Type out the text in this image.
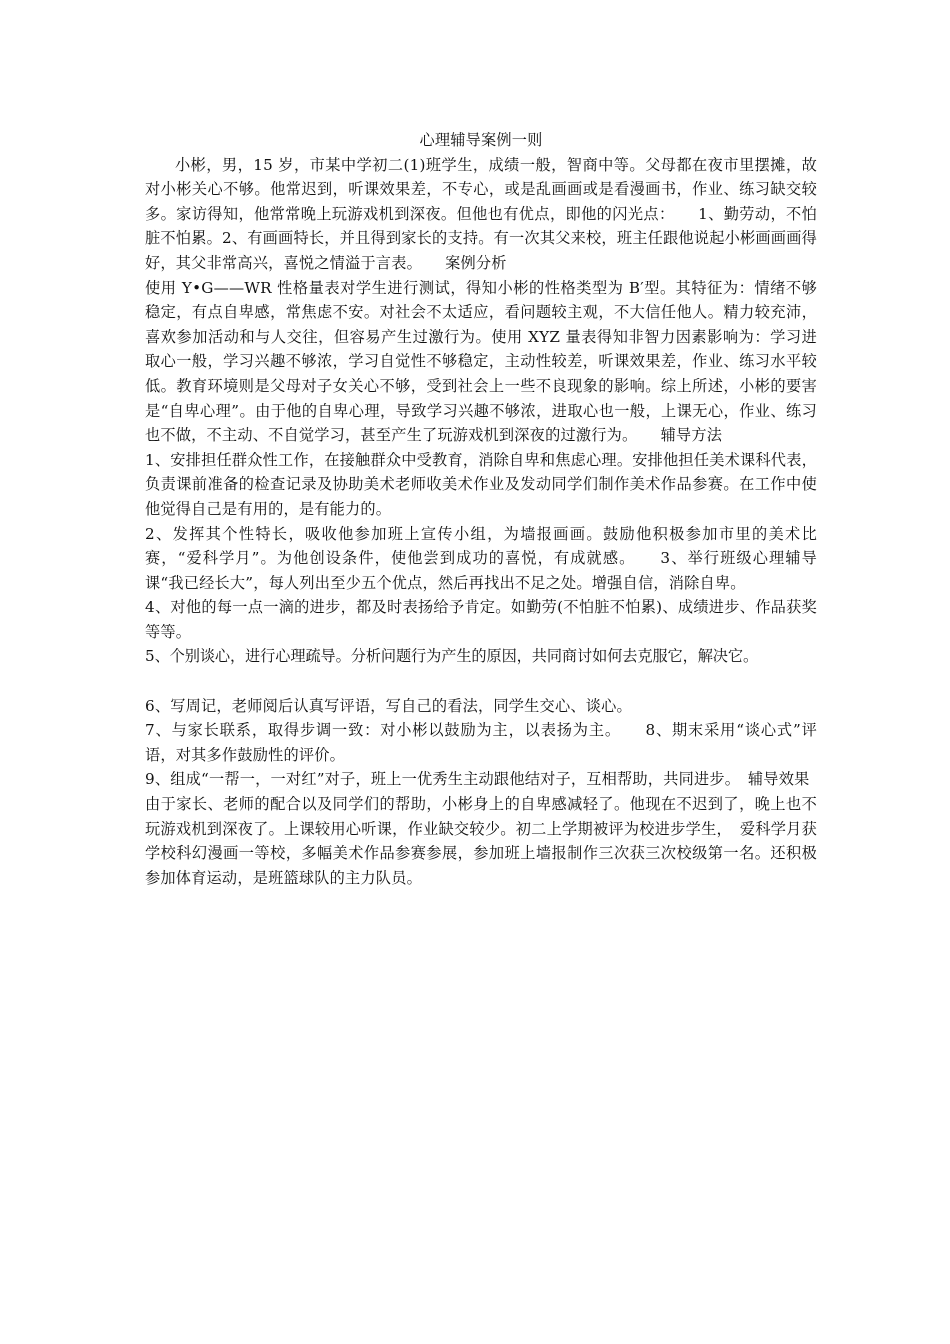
心理辅导案例一则

小彬，男，15 岁，市某中学初二(1)班学生，成绩一般，智商中等。父母都在夜市里摆摊，故对小彬关心不够。他常迟到，听课效果差，不专心，或是乱画画或是看漫画书，作业、练习缺交较多。家访得知，他常常晚上玩游戏机到深夜。但他也有优点，即他的闪光点：　　1、勤劳动，不怕脏不怕累。2、有画画特长，并且得到家长的支持。有一次其父来校，班主任跟他说起小彬画画画得好，其父非常高兴，喜悦之情溢于言表。　　案例分析

使用 Y•G——WR 性格量表对学生进行测试，得知小彬的性格类型为 B′型。其特征为：情绪不够稳定，有点自卑感，常焦虑不安。对社会不太适应，看问题较主观，不大信任他人。精力较充沛，喜欢参加活动和与人交往，但容易产生过激行为。使用 XYZ 量表得知非智力因素影响为：学习进取心一般，学习兴趣不够浓，学习自觉性不够稳定，主动性较差，听课效果差，作业、练习水平较低。教育环境则是父母对子女关心不够，受到社会上一些不良现象的影响。综上所述，小彬的要害是“自卑心理”。由于他的自卑心理，导致学习兴趣不够浓，进取心也一般，上课无心，作业、练习也不做，不主动、不自觉学习，甚至产生了玩游戏机到深夜的过激行为。　　辅导方法

1、安排担任群众性工作，在接触群众中受教育，消除自卑和焦虑心理。安排他担任美术课科代表，负责课前准备的检查记录及协助美术老师收美术作业及发动同学们制作美术作品参赛。在工作中使他觉得自己是有用的，是有能力的。

2、发挥其个性特长，吸收他参加班上宣传小组，为墙报画画。鼓励他积极参加市里的美术比赛，“爱科学月”。为他创设条件，使他尝到成功的喜悦，有成就感。　　3、举行班级心理辅导课“我已经长大”，每人列出至少五个优点，然后再找出不足之处。增强自信，消除自卑。

4、对他的每一点一滴的进步，都及时表扬给予肯定。如勤劳(不怕脏不怕累)、成绩进步、作品获奖等等。

5、个别谈心，进行心理疏导。分析问题行为产生的原因，共同商讨如何去克服它，解决它。

6、写周记，老师阅后认真写评语，写自己的看法，同学生交心、谈心。

7、与家长联系，取得步调一致：对小彬以鼓励为主，以表扬为主。　　8、期末采用“谈心式”评语，对其多作鼓励性的评价。

9、组成“一帮一，一对红”对子，班上一优秀生主动跟他结对子，互相帮助，共同进步。　辅导效果

由于家长、老师的配合以及同学们的帮助，小彬身上的自卑感减轻了。他现在不迟到了，晚上也不玩游戏机到深夜了。上课较用心听课，作业缺交较少。初二上学期被评为校进步学生，　爱科学月获学校科幻漫画一等校，多幅美术作品参赛参展，参加班上墙报制作三次获三次校级第一名。还积极参加体育运动，是班篮球队的主力队员。
